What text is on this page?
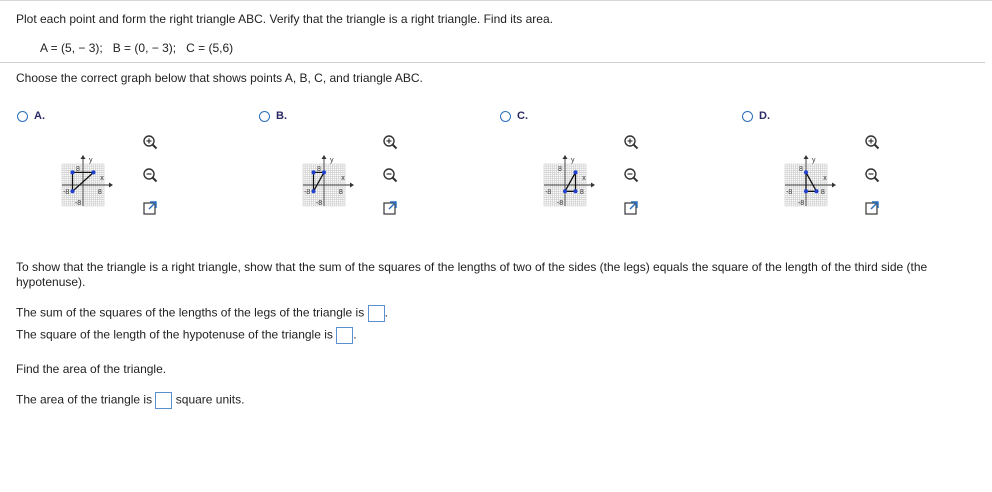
Plot each point and form the right triangle ABC. Verify that the triangle is a right triangle. Find its area.
A = (5, − 3); B = (0, − 3); C = (5,6)
Choose the correct graph below that shows points A, B, C, and triangle ABC.
A.	B.	C.	D.
y
x
-8	8
8
-8
y
x
-8	8
8
-8
y
x
-8	8
8
-8
y
x
-8	8
8
-8
To show that the triangle is a right triangle, show that the sum of the squares of the lengths of two of the sides (the legs) equals the square of the length of the third side (the hypotenuse).
The sum of the squares of the lengths of the legs of the triangle is .
The square of the length of the hypotenuse of the triangle is .
Find the area of the triangle.
The area of the triangle is square units.
